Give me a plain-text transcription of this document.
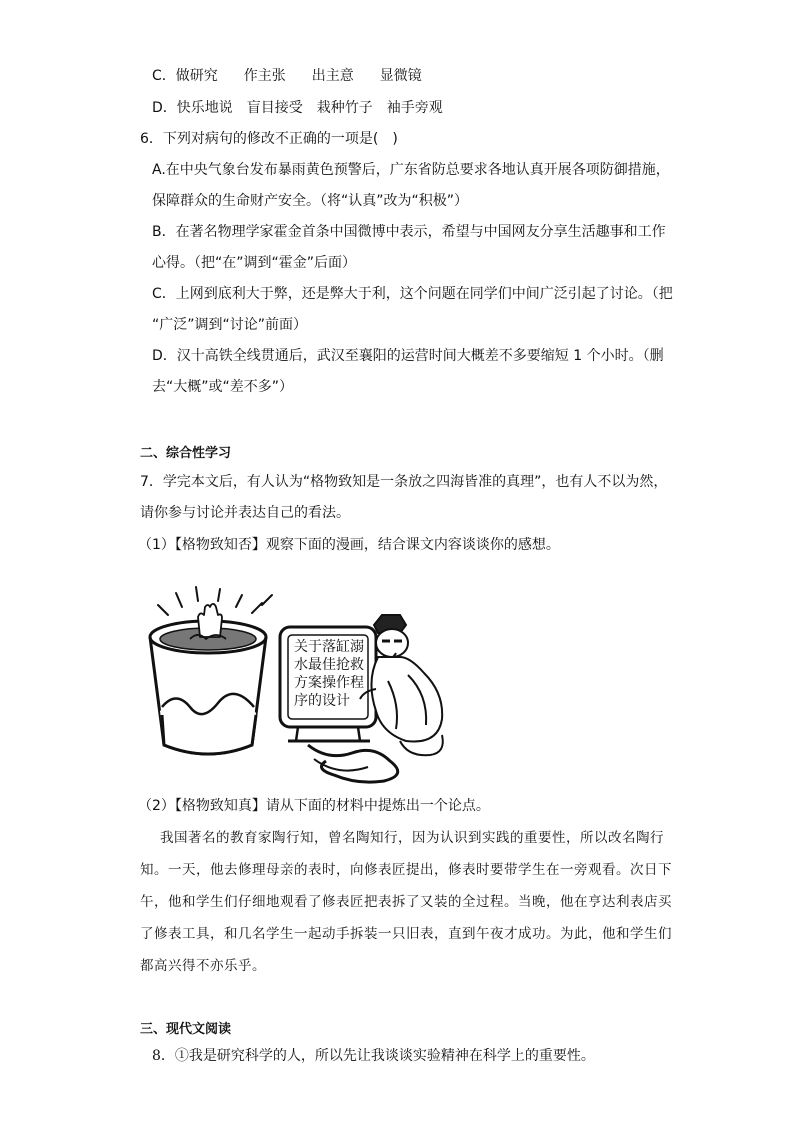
C．做研究 作主张 出主意 显微镜
D．快乐地说 盲目接受 栽种竹子 袖手旁观
6．下列对病句的修改不正确的一项是(　)
A.在中央气象台发布暴雨黄色预警后，广东省防总要求各地认真开展各项防御措施，
保障群众的生命财产安全。（将“认真”改为“积极”）
B．在著名物理学家霍金首条中国微博中表示，希望与中国网友分享生活趣事和工作
心得。（把“在”调到“霍金”后面）
C．上网到底利大于弊，还是弊大于利，这个问题在同学们中间广泛引起了讨论。（把
“广泛”调到“讨论”前面）
D．汉十高铁全线贯通后，武汉至襄阳的运营时间大概差不多要缩短 1 个小时。（删
去“大概”或“差不多”）
二、综合性学习
7．学完本文后，有人认为“格物致知是一条放之四海皆准的真理”，也有人不以为然，
请你参与讨论并表达自己的看法。
（1）【格物致知否】观察下面的漫画，结合课文内容谈谈你的感想。
关于落缸溺
水最佳抢救
方案操作程
序的设计
（2）【格物致知真】请从下面的材料中提炼出一个论点。
我国著名的教育家陶行知，曾名陶知行，因为认识到实践的重要性，所以改名陶行
知。一天，他去修理母亲的表时，向修表匠提出，修表时要带学生在一旁观看。次日下
午，他和学生们仔细地观看了修表匠把表拆了又装的全过程。当晚，他在亨达利表店买
了修表工具，和几名学生一起动手拆装一只旧表，直到午夜才成功。为此，他和学生们
都高兴得不亦乐乎。
三、现代文阅读
8．①我是研究科学的人，所以先让我谈谈实验精神在科学上的重要性。
